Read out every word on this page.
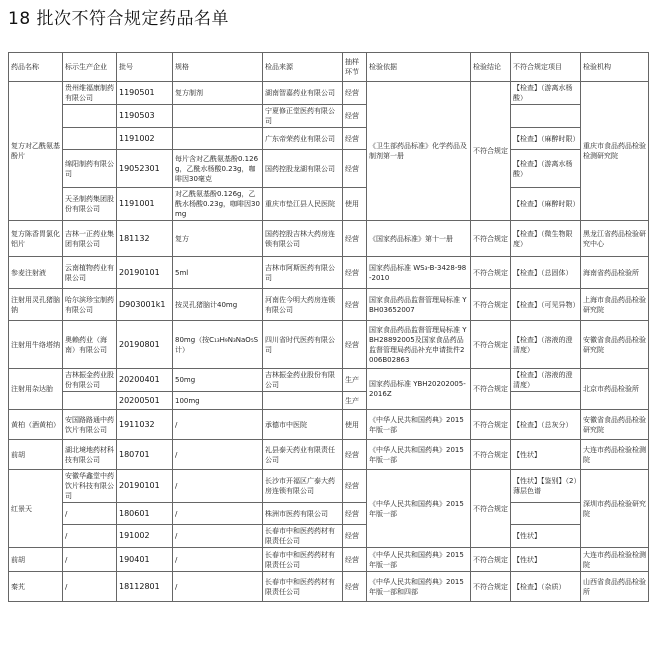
18 批次不符合规定药品名单
药品名称	标示生产企业	批号	规格	检品来源	抽样环节	检验依据	检验结论	不符合规定项目	检验机构
复方对乙酰氨基酚片	贵州维福康制药有限公司	1190501	复方制剂	湖南智嘉药业有限公司	经营	《卫生部药品标准》化学药品及制剂第一册	不符合规定	【检查】（游离水杨酸）	重庆市食品药品检验检测研究院
		1190503		宁夏修正堂医药有限公司	经营				
		1191002		广东帝荣药业有限公司	经营			【检查】（麻醉时限）	
	绵阳制药有限公司	19052301	每片含对乙酰氨基酚0.126g，乙酰水杨酸0.23g，咖啡因30毫克	国药控股龙湖有限公司	经营			【检查】（游离水杨酸）	
	天圣制药集团股份有限公司	1191001	对乙酰氨基酚0.126g，乙酰水杨酸0.23g，咖啡因30mg	重庆市垫江县人民医院	使用			【检查】（麻醉时限）	
复方陈香胃氯化铝片	吉林一正药业集团有限公司	181132	复方	国药控股吉林大药房连锁有限公司	经营	《国家药品标准》第十一册	不符合规定	【检查】（微生物限度）	黑龙江省药品检验研究中心
参麦注射液	云南植物药业有限公司	20190101	5ml	吉林市阿斯医药有限公司	经营	国家药品标准 WS₃-B-3428-98-2010	不符合规定	【检查】（总固体）	海南省药品检验所
注射用灵孔猪脑钠	哈尔滨珍宝制药有限公司	D903001k1	按灵孔猪脑计40mg	河南佐今明大药房连锁有限公司	经营	国家食品药品监督管理局标准 YBH03652007	不符合规定	【检查】（可见异物）	上海市食品药品检验研究院
注射用牛络塔纳	奥赖药业（海南）有限公司	20190801	80mg（按C₁₃H₉N₃NaO₅S计）	四川省时代医药有限公司	经营	国家食品药品监督管理局标准 YBH28892005及国家食品药品监督管理局药品补充申请批件2006B02863	不符合规定	【检查】（溶液的澄清度）	安徽省食品药品检验研究院
注射用杂达胎	吉林振金药业股份有限公司	20200401	50mg	吉林振金药业股份有限公司	生产	国家药品标准 YBH20202005-2016Z	不符合规定	【检查】（溶液的澄清度）	北京市药品检验所
		20200501	100mg		生产				
黄柏（酒黄柏）	安国路路通中药饮片有限公司	1911032	/	承德市中医院	使用	《中华人民共和国药典》2015年版一部	不符合规定	【检查】（总灰分）	安徽省食品药品检验研究院
前胡	湖北境地药材科技有限公司	180701	/	礼县泰天药业有限责任公司	经营	《中华人民共和国药典》2015年版一部	不符合规定	【性状】	大连市药品检验检测院
红景天	安徽华鑫堂中药饮片科技有限公司	20190101	/	长沙市开福区广泰大药房连锁有限公司	经营	《中华人民共和国药典》2015年版一部	不符合规定	【性状】【鉴别】（2）薄层色谱	深圳市药品检验研究院
	/	180601	/	株洲市医药有限公司	经营				
	/	191002	/	长春市中和医药药材有限责任公司	经营			【性状】	
前胡	/	190401	/	长春市中和医药药材有限责任公司	经营	《中华人民共和国药典》2015年版一部	不符合规定	【性状】	大连市药品检验检测院
秦艽	/	18112801	/	长春市中和医药药材有限责任公司	经营	《中华人民共和国药典》2015年版一部和四部	不符合规定	【检查】（杂质）	山西省食品药品检验所
